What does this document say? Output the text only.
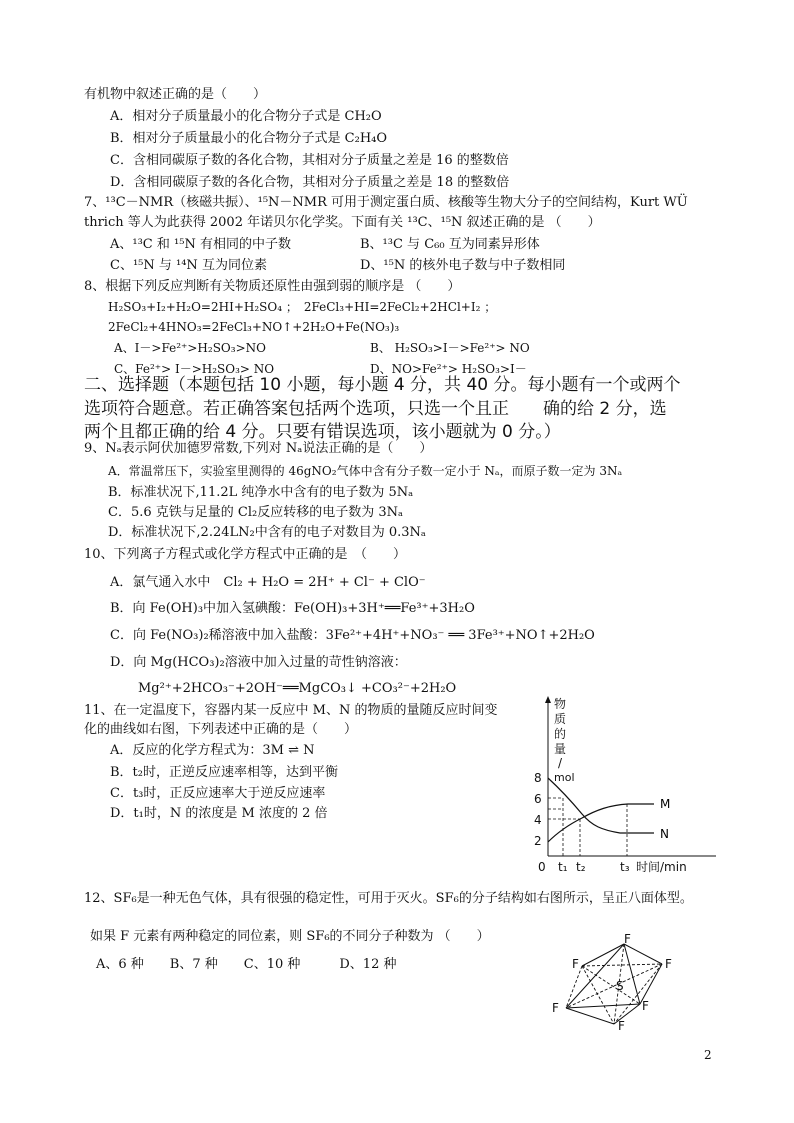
有机物中叙述正确的是（　　）
A．相对分子质量最小的化合物分子式是 CH₂O
B．相对分子质量最小的化合物分子式是 C₂H₄O
C．含相同碳原子数的各化合物，其相对分子质量之差是 16 的整数倍
D．含相同碳原子数的各化合物，其相对分子质量之差是 18 的整数倍
7、¹³C－NMR（核磁共振）、¹⁵N－NMR 可用于测定蛋白质、核酸等生物大分子的空间结构，Kurt WÜ
thrich 等人为此获得 2002 年诺贝尔化学奖。下面有关 ¹³C、¹⁵N 叙述正确的是 （　　）
A、¹³C 和 ¹⁵N 有相同的中子数	B、¹³C 与 C₆₀ 互为同素异形体
C、¹⁵N 与 ¹⁴N 互为同位素	D、¹⁵N 的核外电子数与中子数相同
8、根据下列反应判断有关物质还原性由强到弱的顺序是 （　　）
H₂SO₃+I₂+H₂O=2HI+H₂SO₄ ；　2FeCl₃+HI=2FeCl₂+2HCl+I₂ ；
2FeCl₂+4HNO₃=2FeCl₃+NO↑+2H₂O+Fe(NO₃)₃
A、I－>Fe²⁺>H₂SO₃>NO	B、 H₂SO₃>I－>Fe²⁺> NO
C、Fe²⁺> I－>H₂SO₃> NO	D、NO>Fe²⁺> H₂SO₃>I－
二、选择题（本题包括 10 小题，每小题 4 分，共 40 分。每小题有一个或两个
选项符合题意。若正确答案包括两个选项，只选一个且正　　确的给 2 分，选
两个且都正确的给 4 分。只要有错误选项，该小题就为 0 分。）
9、Nₐ表示阿伏加德罗常数,下列对 Nₐ说法正确的是（　　）
A．常温常压下，实验室里测得的 46gNO₂气体中含有分子数一定小于 Nₐ，而原子数一定为 3Nₐ
B．标准状况下,11.2L 纯净水中含有的电子数为 5Nₐ
C．5.6 克铁与足量的 Cl₂反应转移的电子数为 3Nₐ
D．标准状况下,2.24LN₂中含有的电子对数目为 0.3Nₐ
10、下列离子方程式或化学方程式中正确的是　（　　）
A．氯气通入水中　Cl₂ + H₂O = 2H⁺ + Cl⁻ + ClO⁻
B．向 Fe(OH)₃中加入氢碘酸：Fe(OH)₃+3H⁺══Fe³⁺+3H₂O
C．向 Fe(NO₃)₂稀溶液中加入盐酸：3Fe²⁺+4H⁺+NO₃⁻ ══ 3Fe³⁺+NO↑+2H₂O
D．向 Mg(HCO₃)₂溶液中加入过量的苛性钠溶液：
Mg²⁺+2HCO₃⁻+2OH⁻══MgCO₃↓ +CO₃²⁻+2H₂O
11、在一定温度下，容器内某一反应中 M、N 的物质的量随反应时间变
化的曲线如右图，下列表述中正确的是（　　）
A．反应的化学方程式为：3M ⇌ N
B．t₂时，正逆反应速率相等，达到平衡
C．t₃时，正反应速率大于逆反应速率
D．t₁时，N 的浓度是 M 浓度的 2 倍
物
质
的
量
/
mol
8
6
4
2
M
N
0 t₁ t₂	t₃ 时间/min
12、SF₆是一种无色气体，具有很强的稳定性，可用于灭火。SF₆的分子结构如右图所示，呈正八面体型。
如果 F 元素有两种稳定的同位素，则 SF₆的不同分子种数为 （　　）
A、6 种　　B、7 种　　C、10 种　　　D、12 种
F
F	F
S
F	F
F
2
